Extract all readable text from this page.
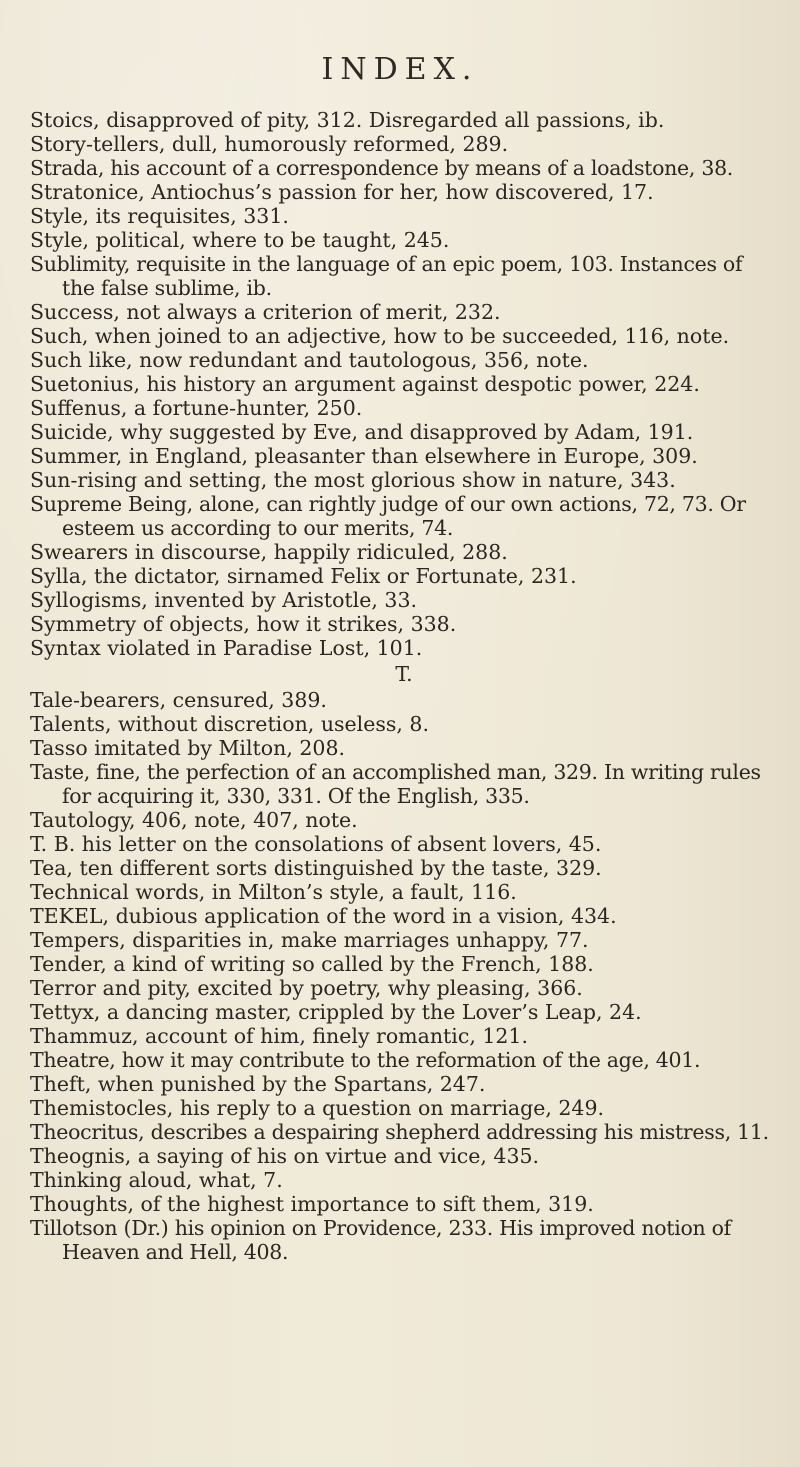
INDEX.
Stoics, disapproved of pity, 312. Disregarded all passions, ib.
Story-tellers, dull, humorously reformed, 289.
Strada, his account of a correspondence by means of a loadstone, 38.
Stratonice, Antiochus’s passion for her, how discovered, 17.
Style, its requisites, 331.
Style, political, where to be taught, 245.
Sublimity, requisite in the language of an epic poem, 103. Instances of the false sublime, ib.
Success, not always a criterion of merit, 232.
Such, when joined to an adjective, how to be succeeded, 116, note.
Such like, now redundant and tautologous, 356, note.
Suetonius, his history an argument against despotic power, 224.
Suffenus, a fortune-hunter, 250.
Suicide, why suggested by Eve, and disapproved by Adam, 191.
Summer, in England, pleasanter than elsewhere in Europe, 309.
Sun-rising and setting, the most glorious show in nature, 343.
Supreme Being, alone, can rightly judge of our own actions, 72, 73. Or esteem us according to our merits, 74.
Swearers in discourse, happily ridiculed, 288.
Sylla, the dictator, sirnamed Felix or Fortunate, 231.
Syllogisms, invented by Aristotle, 33.
Symmetry of objects, how it strikes, 338.
Syntax violated in Paradise Lost, 101.
T.
Tale-bearers, censured, 389.
Talents, without discretion, useless, 8.
Tasso imitated by Milton, 208.
Taste, fine, the perfection of an accomplished man, 329. In writing rules for acquiring it, 330, 331. Of the English, 335.
Tautology, 406, note, 407, note.
T. B. his letter on the consolations of absent lovers, 45.
Tea, ten different sorts distinguished by the taste, 329.
Technical words, in Milton’s style, a fault, 116.
TEKEL, dubious application of the word in a vision, 434.
Tempers, disparities in, make marriages unhappy, 77.
Tender, a kind of writing so called by the French, 188.
Terror and pity, excited by poetry, why pleasing, 366.
Tettyx, a dancing master, crippled by the Lover’s Leap, 24.
Thammuz, account of him, finely romantic, 121.
Theatre, how it may contribute to the reformation of the age, 401.
Theft, when punished by the Spartans, 247.
Themistocles, his reply to a question on marriage, 249.
Theocritus, describes a despairing shepherd addressing his mistress, 11.
Theognis, a saying of his on virtue and vice, 435.
Thinking aloud, what, 7.
Thoughts, of the highest importance to sift them, 319.
Tillotson (Dr.) his opinion on Providence, 233. His improved notion of Heaven and Hell, 408.
